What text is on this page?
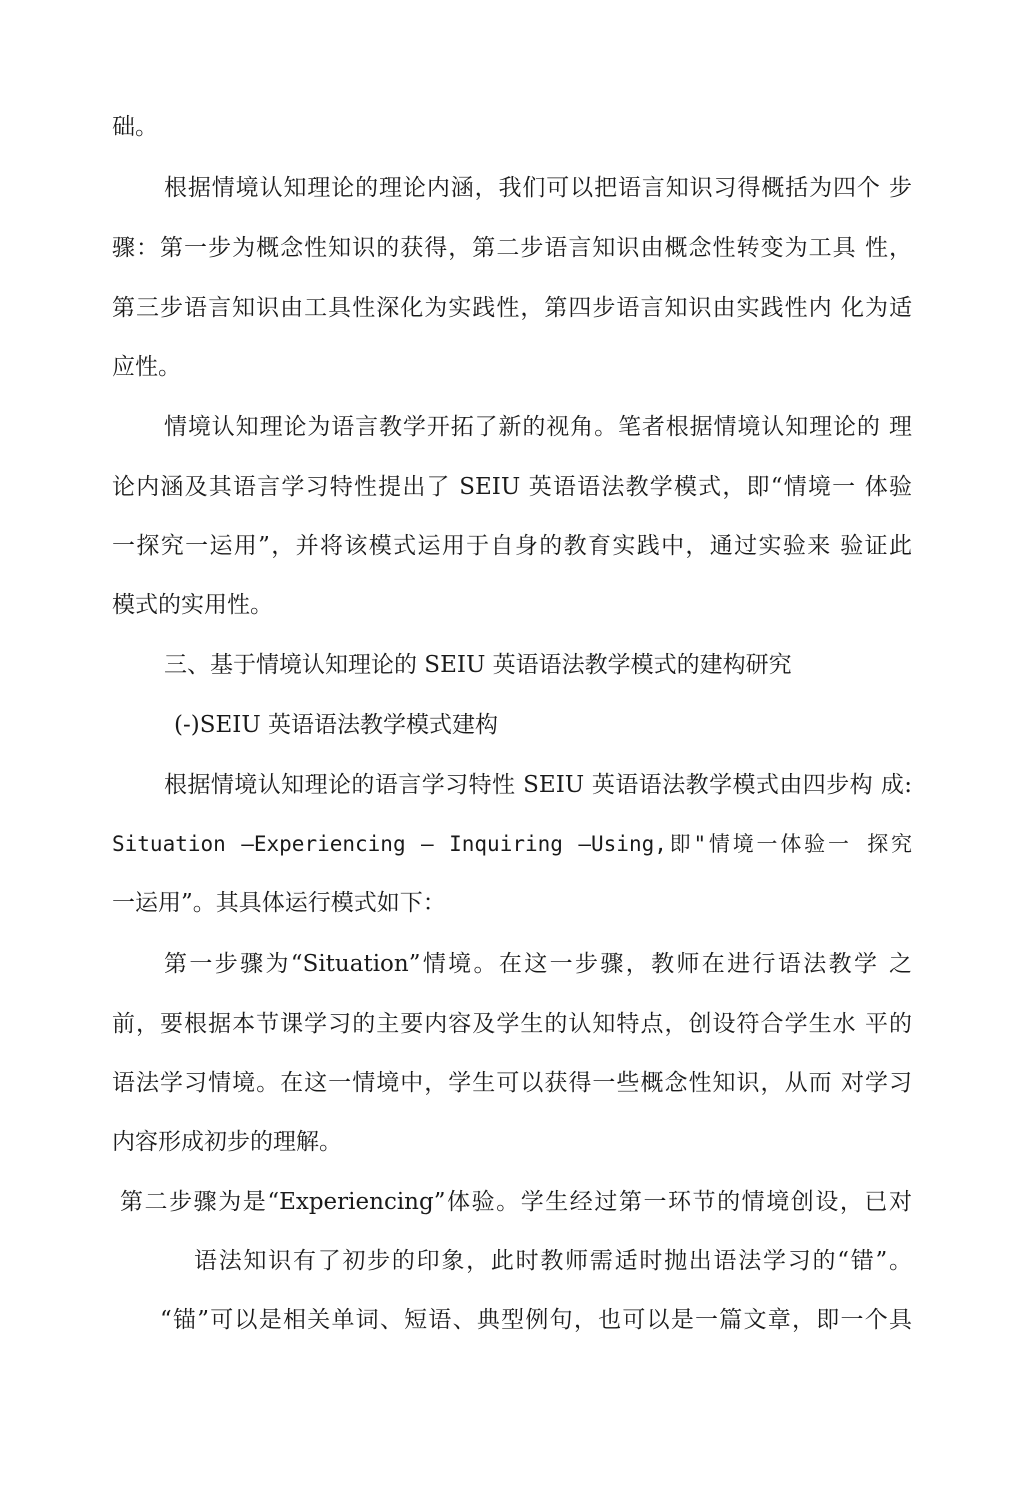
础。
根据情境认知理论的理论内涵，我们可以把语言知识习得概括为四个 步
骤：第一步为概念性知识的获得，第二步语言知识由概念性转变为工具 性，
第三步语言知识由工具性深化为实践性，第四步语言知识由实践性内 化为适
应性。
情境认知理论为语言教学开拓了新的视角。笔者根据情境认知理论的 理
论内涵及其语言学习特性提出了 SEIU 英语语法教学模式，即“情境一 体验
一探究一运用”，并将该模式运用于自身的教育实践中，通过实验来 验证此
模式的实用性。
三、基于情境认知理论的 SEIU 英语语法教学模式的建构研究
(-)SEIU 英语语法教学模式建构
根据情境认知理论的语言学习特性 SEIU 英语语法教学模式由四步构 成:
Situation —Experiencing — Inquiring —Using,即"情境一体验一 探究
一运用”。其具体运行模式如下：
第一步骤为“Situation”情境。在这一步骤，教师在进行语法教学 之
前，要根据本节课学习的主要内容及学生的认知特点，创设符合学生水 平的
语法学习情境。在这一情境中，学生可以获得一些概念性知识，从而 对学习
内容形成初步的理解。
第二步骤为是“Experiencing”体验。学生经过第一环节的情境创设，已对
语法知识有了初步的印象，此时教师需适时抛出语法学习的“错”。
“锚”可以是相关单词、短语、典型例句，也可以是一篇文章，即一个具
